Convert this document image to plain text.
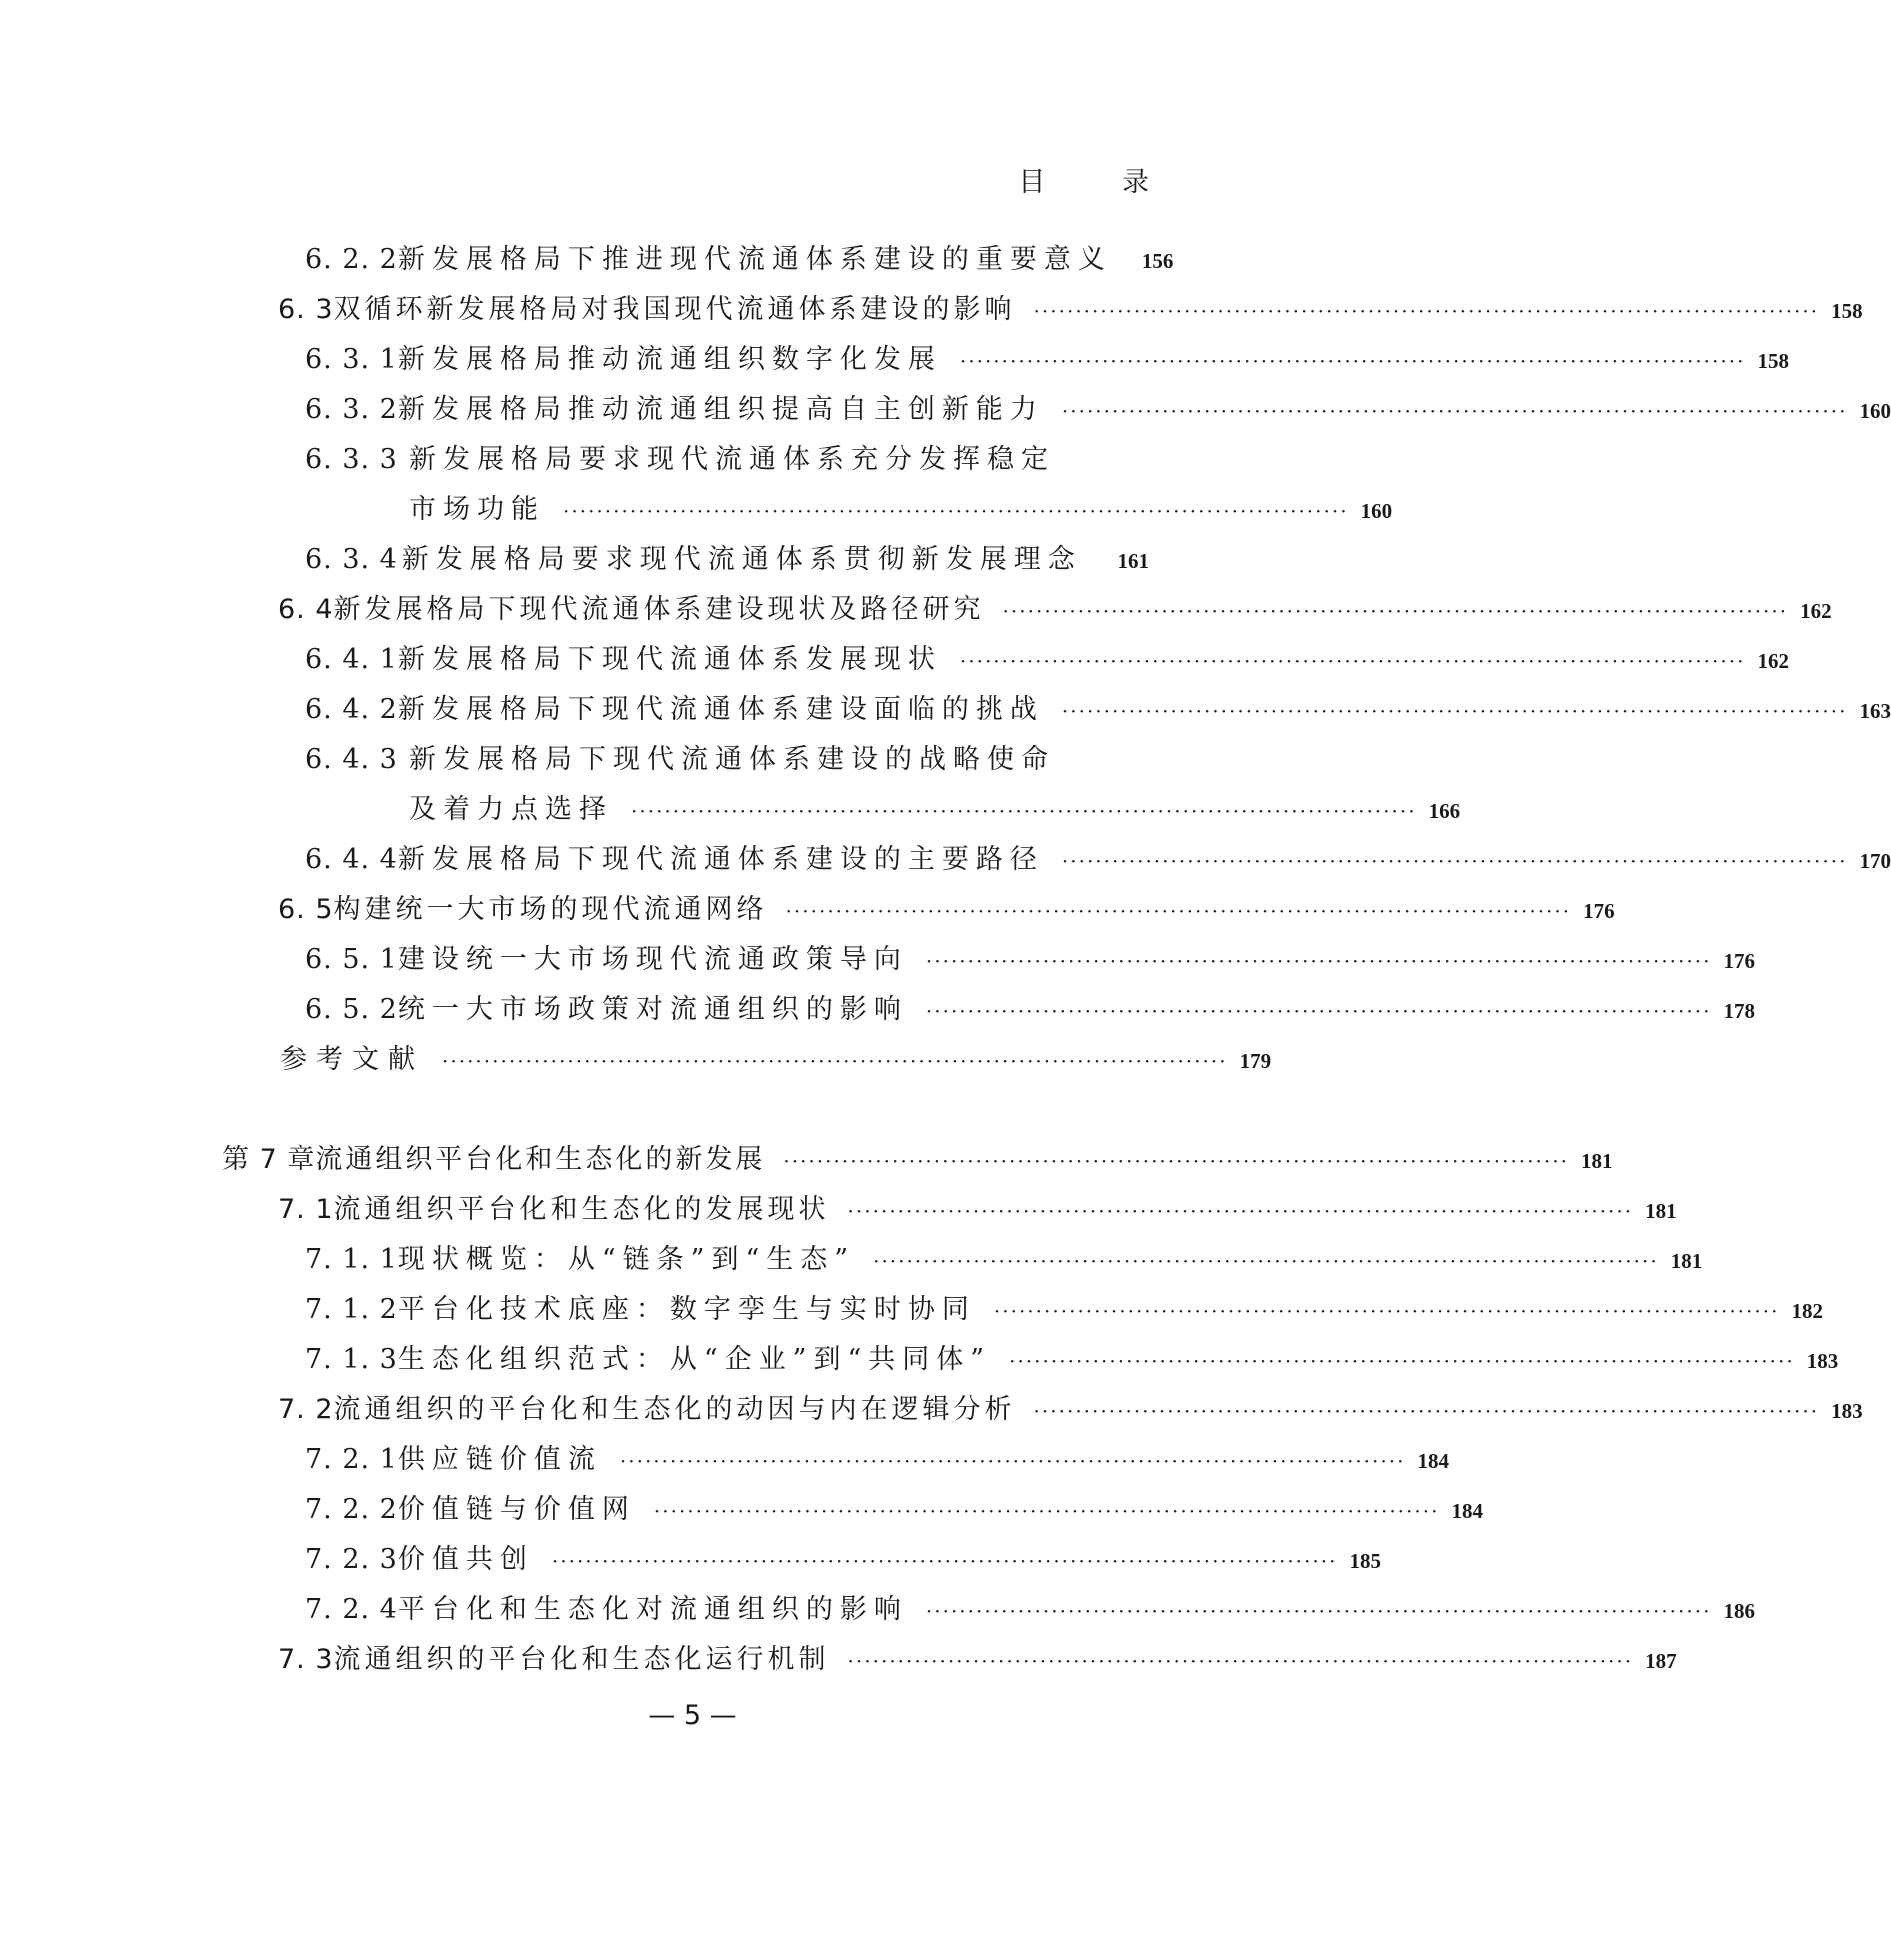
目 录
6. 2. 2 新发展格局下推进现代流通体系建设的重要意义 156
6. 3 双循环新发展格局对我国现代流通体系建设的影响 ······························································································ 158
6. 3. 1 新发展格局推动流通组织数字化发展 ······························································································ 158
6. 3. 2 新发展格局推动流通组织提高自主创新能力 ······························································································ 160
6. 3. 3 新发展格局要求现代流通体系充分发挥稳定
市场功能 ······························································································ 160
6. 3. 4 新发展格局要求现代流通体系贯彻新发展理念 161
6. 4 新发展格局下现代流通体系建设现状及路径研究 ······························································································ 162
6. 4. 1 新发展格局下现代流通体系发展现状 ······························································································ 162
6. 4. 2 新发展格局下现代流通体系建设面临的挑战 ······························································································ 163
6. 4. 3 新发展格局下现代流通体系建设的战略使命
及着力点选择 ······························································································ 166
6. 4. 4 新发展格局下现代流通体系建设的主要路径 ······························································································ 170
6. 5 构建统一大市场的现代流通网络 ······························································································ 176
6. 5. 1 建设统一大市场现代流通政策导向 ······························································································ 176
6. 5. 2 统一大市场政策对流通组织的影响 ······························································································ 178
参考文献 ······························································································ 179
第 7 章 流通组织平台化和生态化的新发展 ······························································································ 181
7. 1 流通组织平台化和生态化的发展现状 ······························································································ 181
7. 1. 1 现状概览：从“链条”到“生态” ······························································································ 181
7. 1. 2 平台化技术底座：数字孪生与实时协同 ······························································································ 182
7. 1. 3 生态化组织范式：从“企业”到“共同体” ······························································································ 183
7. 2 流通组织的平台化和生态化的动因与内在逻辑分析 ······························································································ 183
7. 2. 1 供应链价值流 ······························································································ 184
7. 2. 2 价值链与价值网 ······························································································ 184
7. 2. 3 价值共创 ······························································································ 185
7. 2. 4 平台化和生态化对流通组织的影响 ······························································································ 186
7. 3 流通组织的平台化和生态化运行机制 ······························································································ 187
— 5 —
